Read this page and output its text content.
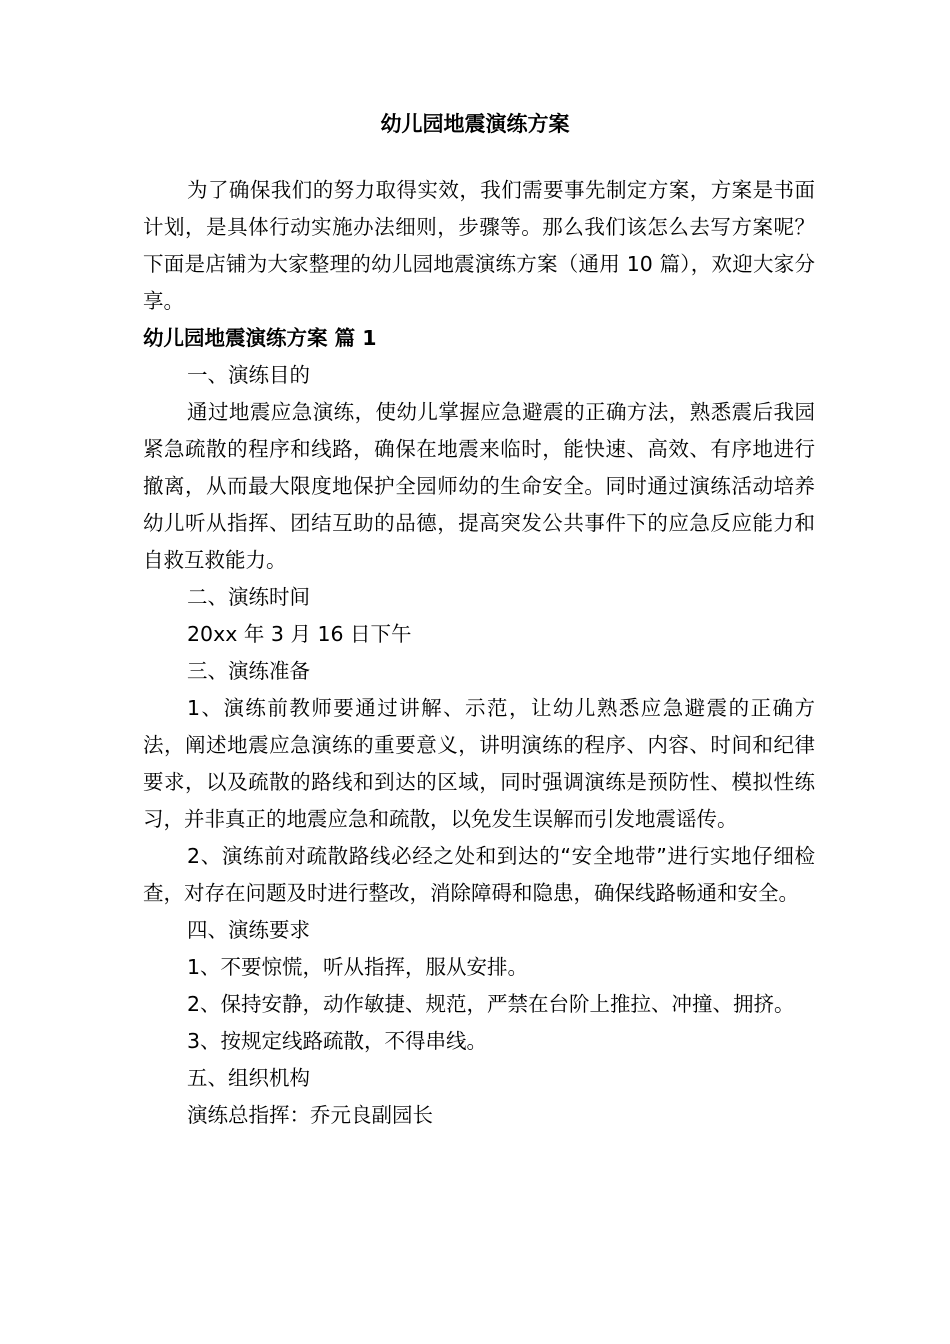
幼儿园地震演练方案

为了确保我们的努力取得实效，我们需要事先制定方案，方案是书面计划，是具体行动实施办法细则，步骤等。那么我们该怎么去写方案呢？下面是店铺为大家整理的幼儿园地震演练方案（通用 10 篇），欢迎大家分享。

幼儿园地震演练方案 篇 1

一、演练目的

通过地震应急演练，使幼儿掌握应急避震的正确方法，熟悉震后我园紧急疏散的程序和线路，确保在地震来临时，能快速、高效、有序地进行撤离，从而最大限度地保护全园师幼的生命安全。同时通过演练活动培养幼儿听从指挥、团结互助的品德，提高突发公共事件下的应急反应能力和自救互救能力。

二、演练时间

20xx 年 3 月 16 日下午

三、演练准备

1、演练前教师要通过讲解、示范，让幼儿熟悉应急避震的正确方法，阐述地震应急演练的重要意义，讲明演练的程序、内容、时间和纪律要求，以及疏散的路线和到达的区域，同时强调演练是预防性、模拟性练习，并非真正的地震应急和疏散，以免发生误解而引发地震谣传。

2、演练前对疏散路线必经之处和到达的“安全地带”进行实地仔细检查，对存在问题及时进行整改，消除障碍和隐患，确保线路畅通和安全。

四、演练要求

1、不要惊慌，听从指挥，服从安排。

2、保持安静，动作敏捷、规范，严禁在台阶上推拉、冲撞、拥挤。

3、按规定线路疏散，不得串线。

五、组织机构

演练总指挥：乔元良副园长
